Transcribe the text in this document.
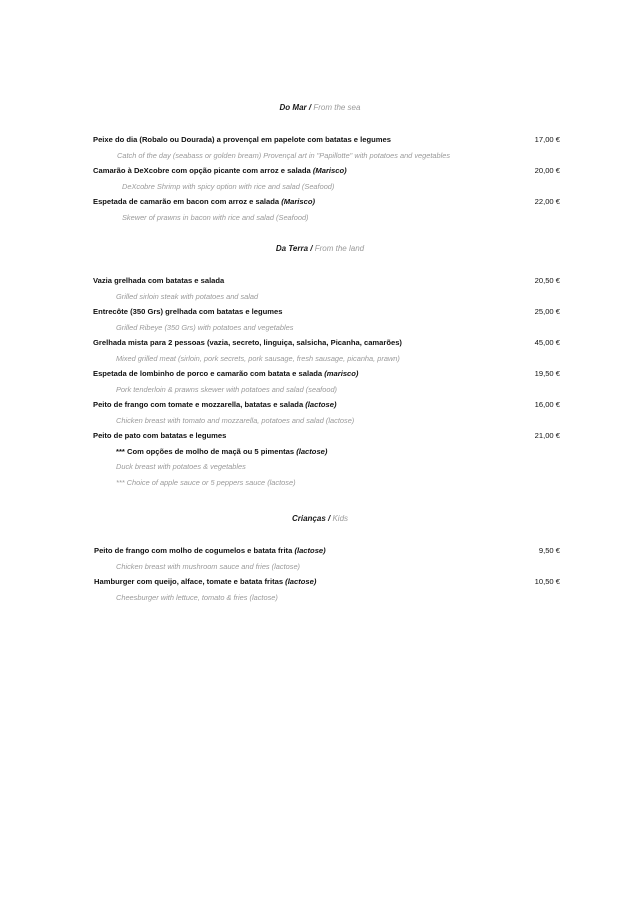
Do Mar / From the sea
Peixe do dia (Robalo ou Dourada) a provençal em papelote com batatas e legumes	17,00 €
Catch of the day (seabass or golden bream) Provençal art in "Papillotte" with potatoes and vegetables
Camarão à DeXcobre com opção picante com arroz e salada (Marisco)	20,00 €
DeXcobre Shrimp with spicy option with rice and salad (Seafood)
Espetada de camarão em bacon com arroz e salada (Marisco)	22,00 €
Skewer of prawns in bacon with rice and salad (Seafood)
Da Terra / From the land
Vazia grelhada com batatas e salada	20,50 €
Grilled sirloin steak with potatoes and salad
Entrecôte (350 Grs) grelhada com batatas e legumes	25,00 €
Grilled Ribeye (350 Grs) with potatoes and vegetables
Grelhada mista para 2 pessoas (vazia, secreto, linguiça, salsicha, Picanha, camarões)	45,00 €
Mixed grilled meat (sirloin, pork secrets, pork sausage, fresh sausage, picanha, prawn)
Espetada de lombinho de porco e camarão com batata e salada (marisco)	19,50 €
Pork tenderloin & prawns skewer with potatoes and salad (seafood)
Peito de frango com tomate e mozzarella, batatas e salada (lactose)	16,00 €
Chicken breast with tomato and mozzarella, potatoes and salad (lactose)
Peito de pato com batatas e legumes	21,00 €
*** Com opções de molho de maçã ou 5 pimentas (lactose)
Duck breast with potatoes & vegetables
*** Choice of apple sauce or 5 peppers sauce (lactose)
Crianças / Kids
Peito de frango com molho de cogumelos e batata frita (lactose)	9,50 €
Chicken breast with mushroom sauce and fries (lactose)
Hamburger com queijo, alface, tomate e batata fritas (lactose)	10,50 €
Cheesburger with lettuce, tomato & fries (lactose)
